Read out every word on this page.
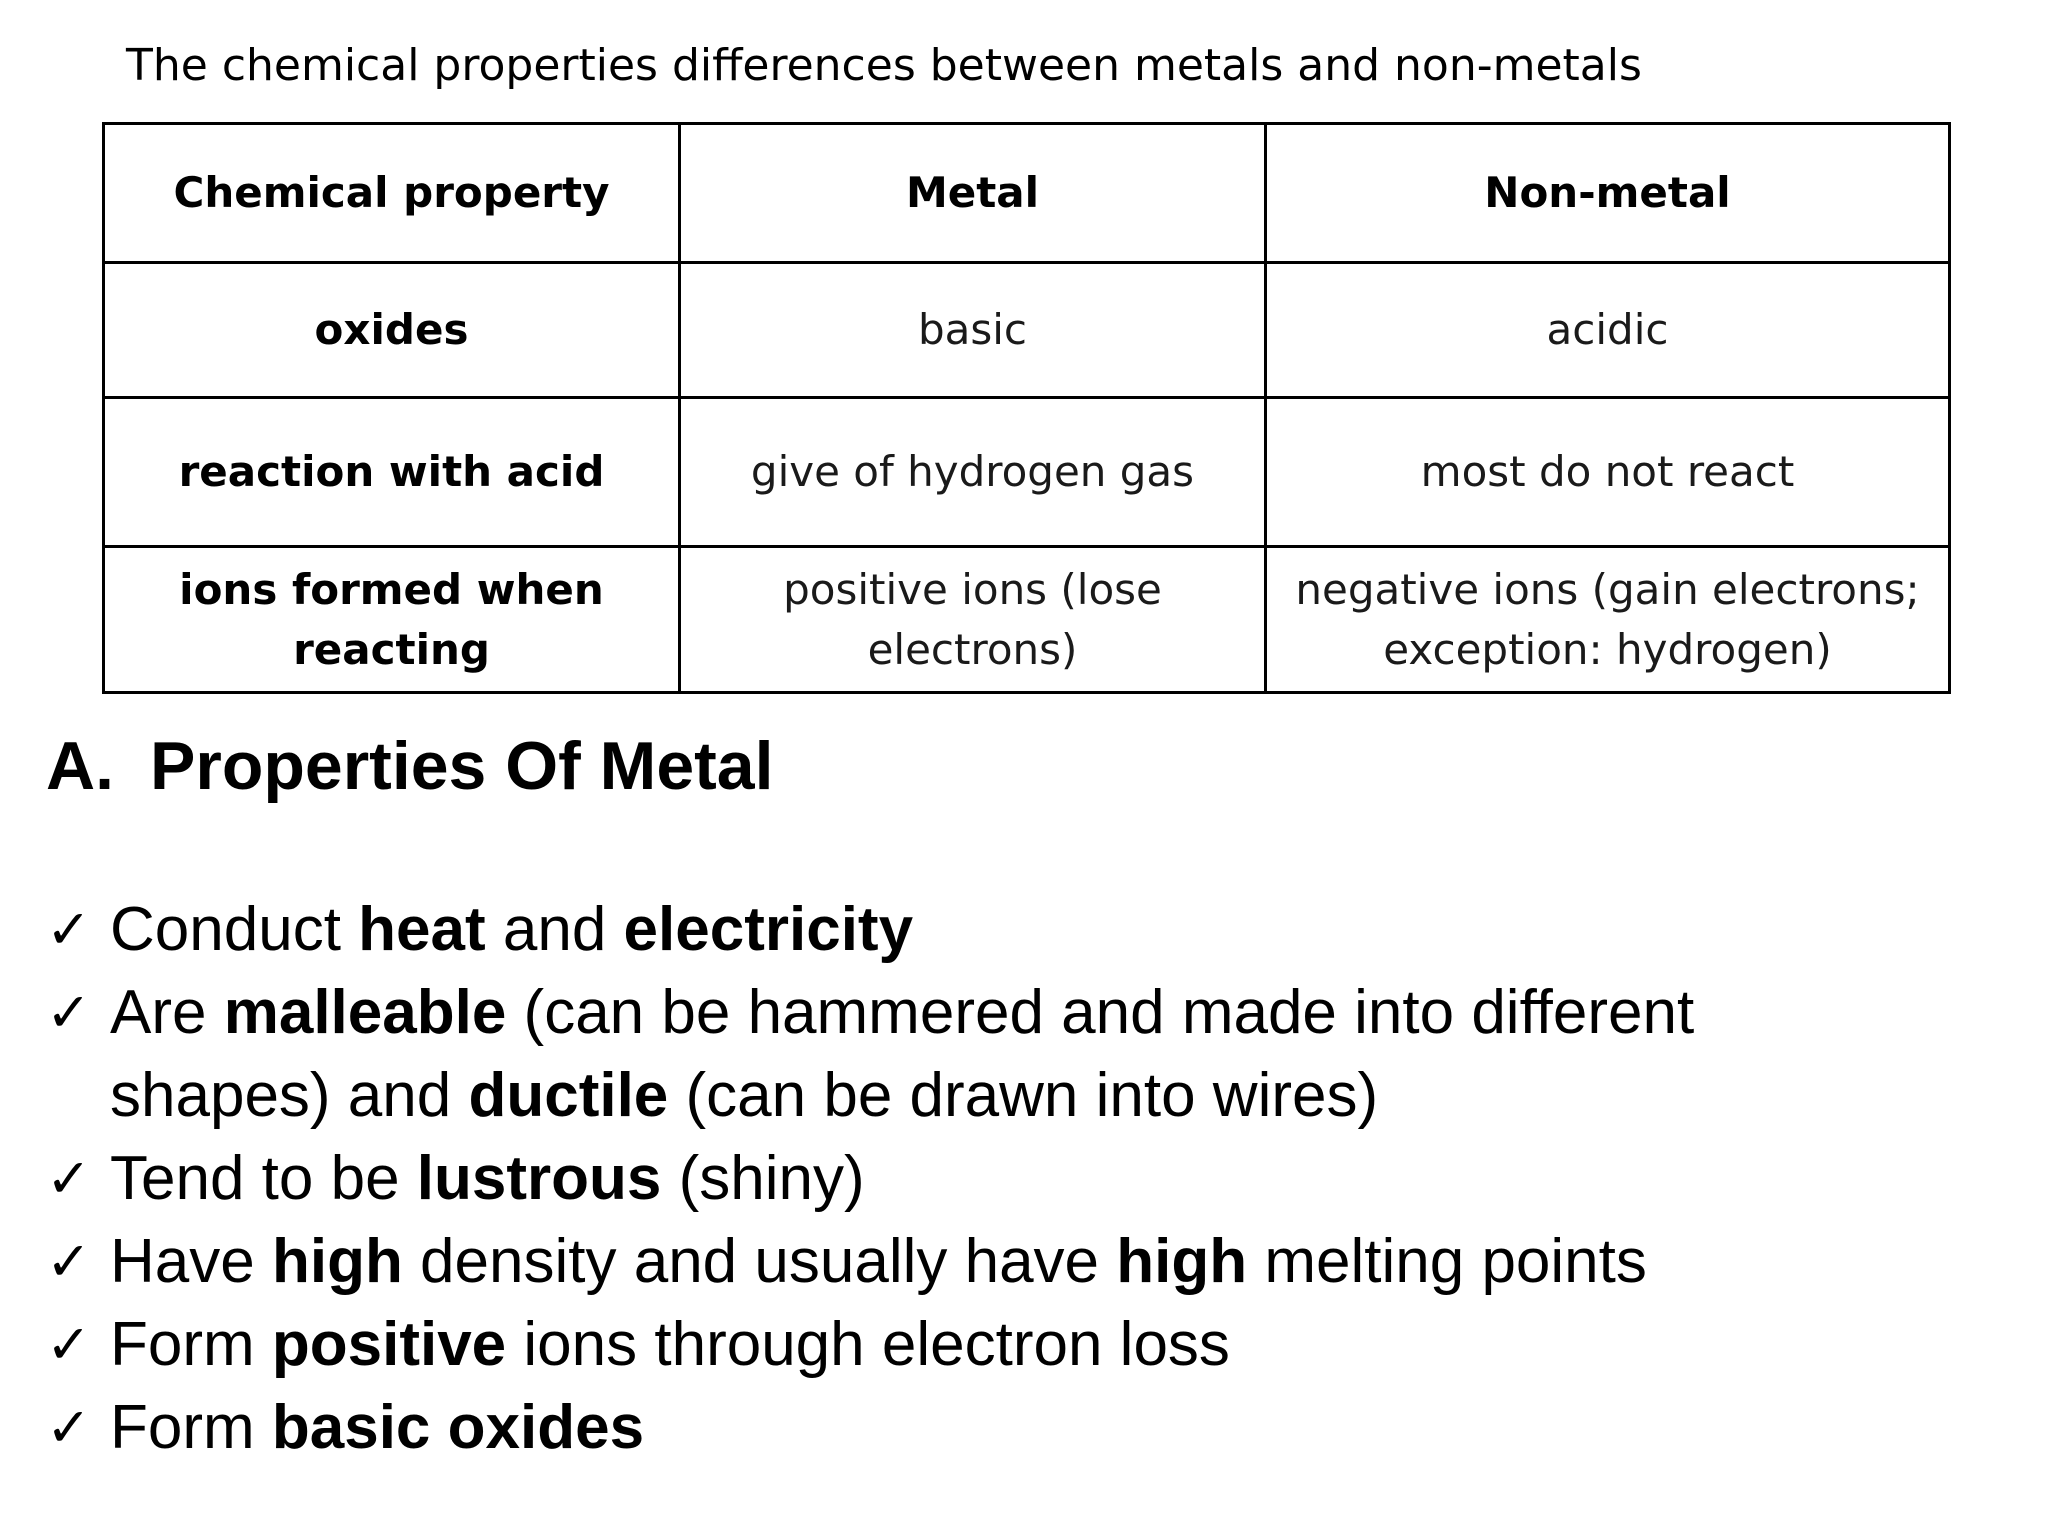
The chemical properties differences between metals and non-metals
Chemical property	Metal	Non-metal
oxides	basic	acidic
reaction with acid	give of hydrogen gas	most do not react
ions formed when reacting	positive ions (lose electrons)	negative ions (gain electrons; exception: hydrogen)
A. Properties Of Metal
✓ Conduct heat and electricity
✓ Are malleable (can be hammered and made into different
shapes) and ductile (can be drawn into wires)
✓ Tend to be lustrous (shiny)
✓ Have high density and usually have high melting points
✓ Form positive ions through electron loss
✓ Form basic oxides
